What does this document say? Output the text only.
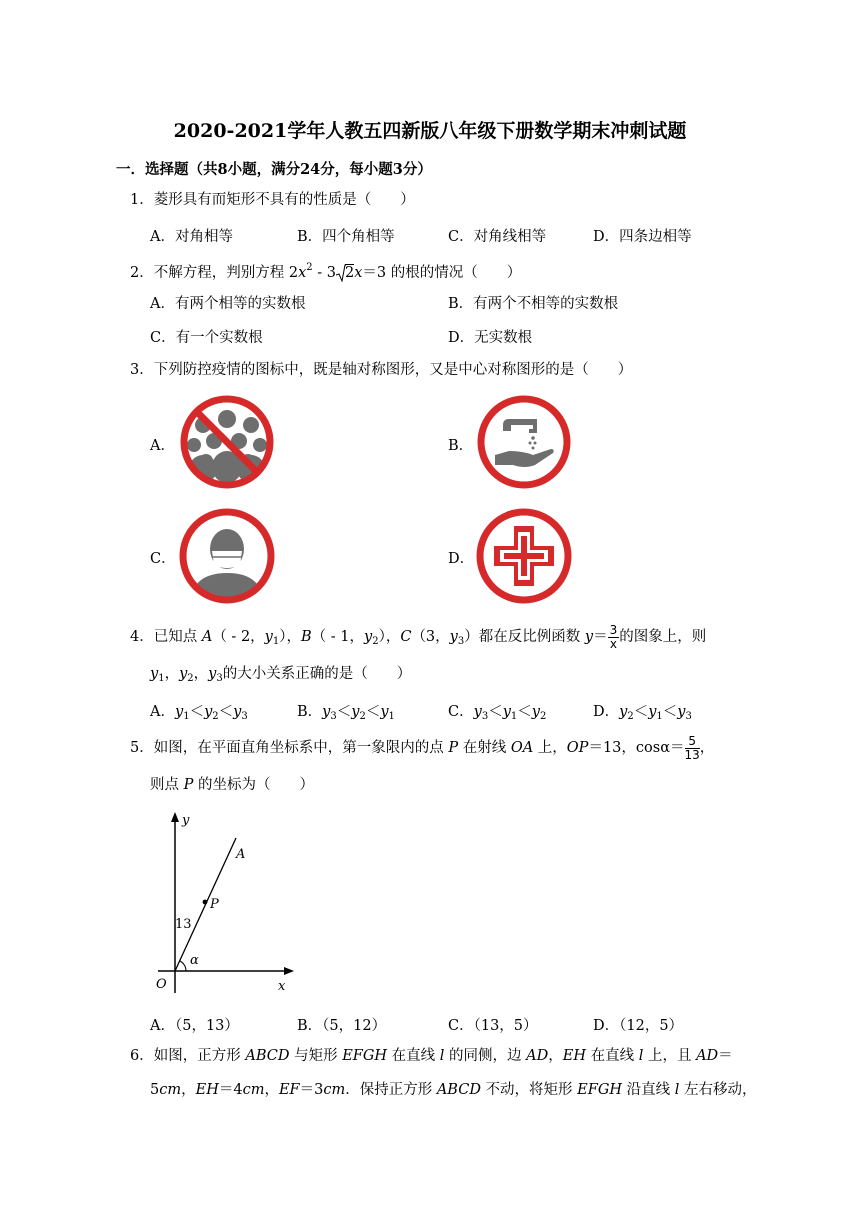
2020-2021学年人教五四新版八年级下册数学期末冲刺试题
一．选择题（共8小题，满分24分，每小题3分）
1．菱形具有而矩形不具有的性质是（　　）
A．对角相等	B．四个角相等	C．对角线相等	D．四条边相等
2．不解方程，判别方程 $2x^2 - 3$ 2x＝3 的根的情况（　　）
A．有两个相等的实数根	B．有两个不相等的实数根
C．有一个实数根	D．无实数根
3．下列防控疫情的图标中，既是轴对称图形，又是中心对称图形的是（　　）
A．	B．
C．	D．
4．已知点 A（ - 2，$y_1$），B（ - 1，$y_2$），C（3，$y_3$）都在反比例函数 $y= \frac{3}{x}$ 的图象上，则
$y_1$，$y_2$，$y_3$的大小关系正确的是（　　）
A．$y_1<y_2<y_3$	B．$y_3<y_2<y_1$	C．$y_3<y_1<y_2$	D．$y_2<y_1<y_3$
5．如图，在平面直角坐标系中，第一象限内的点 P 在射线 OA 上，OP＝13，$\cos\alpha= \frac{5}{13}$ ，
则点 P 的坐标为（　　）
y
A
P
13
α
O	x
A．（5，13）	B．（5，12）	C．（13，5）	D．（12，5）
6．如图，正方形 ABCD 与矩形 EFGH 在直线 l 的同侧，边 AD，EH 在直线 l 上，且 AD＝
5cm，EH＝4cm，EF＝3cm．保持正方形 ABCD 不动，将矩形 EFGH 沿直线 l 左右移动，
